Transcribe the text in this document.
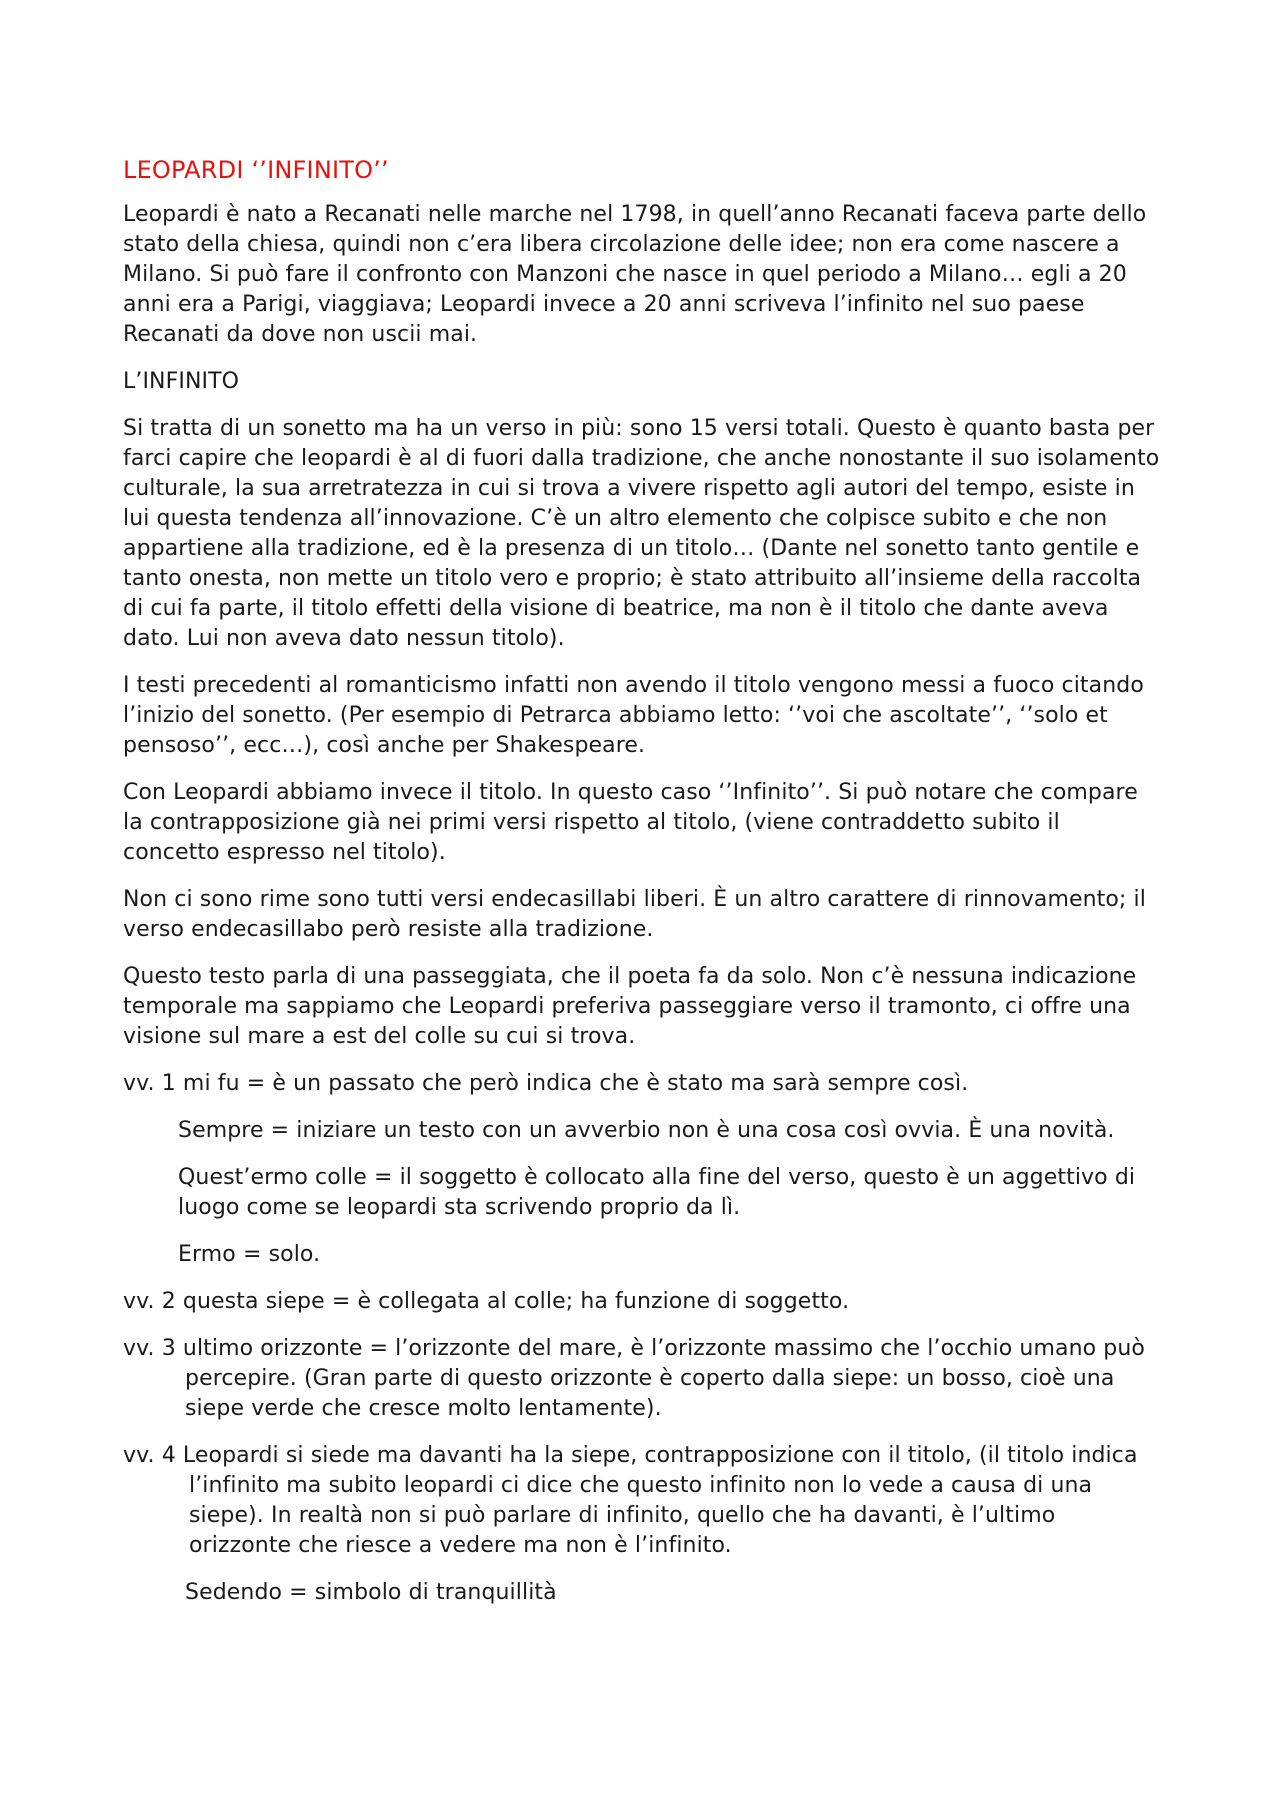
LEOPARDI ‘’INFINITO’’

Leopardi è nato a Recanati nelle marche nel 1798, in quell’anno Recanati faceva parte dello stato della chiesa, quindi non c’era libera circolazione delle idee; non era come nascere a Milano. Si può fare il confronto con Manzoni che nasce in quel periodo a Milano… egli a 20 anni era a Parigi, viaggiava; Leopardi invece a 20 anni scriveva l’infinito nel suo paese Recanati da dove non uscii mai.

L’INFINITO

Si tratta di un sonetto ma ha un verso in più: sono 15 versi totali. Questo è quanto basta per farci capire che leopardi è al di fuori dalla tradizione, che anche nonostante il suo isolamento culturale, la sua arretratezza in cui si trova a vivere rispetto agli autori del tempo, esiste in lui questa tendenza all’innovazione. C’è un altro elemento che colpisce subito e che non appartiene alla tradizione, ed è la presenza di un titolo… (Dante nel sonetto tanto gentile e tanto onesta, non mette un titolo vero e proprio; è stato attribuito all’insieme della raccolta di cui fa parte, il titolo effetti della visione di beatrice, ma non è il titolo che dante aveva dato. Lui non aveva dato nessun titolo).

I testi precedenti al romanticismo infatti non avendo il titolo vengono messi a fuoco citando l’inizio del sonetto. (Per esempio di Petrarca abbiamo letto: ‘’voi che ascoltate’’, ‘’solo et pensoso’’, ecc…), così anche per Shakespeare.

Con Leopardi abbiamo invece il titolo. In questo caso ‘’Infinito’’. Si può notare che compare la contrapposizione già nei primi versi rispetto al titolo, (viene contraddetto subito il concetto espresso nel titolo).

Non ci sono rime sono tutti versi endecasillabi liberi. È un altro carattere di rinnovamento; il verso endecasillabo però resiste alla tradizione.

Questo testo parla di una passeggiata, che il poeta fa da solo. Non c’è nessuna indicazione temporale ma sappiamo che Leopardi preferiva passeggiare verso il tramonto, ci offre una visione sul mare a est del colle su cui si trova.

vv. 1 mi fu = è un passato che però indica che è stato ma sarà sempre così.

Sempre = iniziare un testo con un avverbio non è una cosa così ovvia. È una novità.

Quest’ermo colle = il soggetto è collocato alla fine del verso, questo è un aggettivo di luogo come se leopardi sta scrivendo proprio da lì.

Ermo = solo.

vv. 2 questa siepe = è collegata al colle; ha funzione di soggetto.

vv. 3 ultimo orizzonte = l’orizzonte del mare, è l’orizzonte massimo che l’occhio umano può

percepire. (Gran parte di questo orizzonte è coperto dalla siepe: un bosso, cioè una siepe verde che cresce molto lentamente).

vv. 4 Leopardi si siede ma davanti ha la siepe, contrapposizione con il titolo, (il titolo indica l’infinito ma subito leopardi ci dice che questo infinito non lo vede a causa di una siepe). In realtà non si può parlare di infinito, quello che ha davanti, è l’ultimo orizzonte che riesce a vedere ma non è l’infinito.

Sedendo = simbolo di tranquillità
